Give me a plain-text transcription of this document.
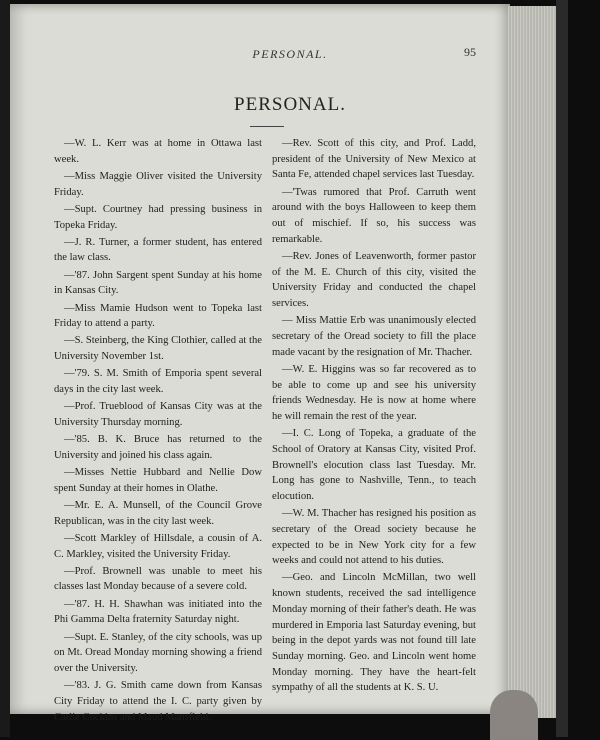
PERSONAL.	95
PERSONAL.
—W. L. Kerr was at home in Ottawa last week.
—Miss Maggie Oliver visited the University Friday.
—Supt. Courtney had pressing business in Topeka Friday.
—J. R. Turner, a former student, has entered the law class.
—'87. John Sargent spent Sunday at his home in Kansas City.
—Miss Mamie Hudson went to Topeka last Friday to attend a party.
—S. Steinberg, the King Clothier, called at the University November 1st.
—'79. S. M. Smith of Emporia spent several days in the city last week.
—Prof. Trueblood of Kansas City was at the University Thursday morning.
—'85. B. K. Bruce has returned to the University and joined his class again.
—Misses Nettie Hubbard and Nellie Dow spent Sunday at their homes in Olathe.
—Mr. E. A. Munsell, of the Council Grove Republican, was in the city last week.
—Scott Markley of Hillsdale, a cousin of A. C. Markley, visited the University Friday.
—Prof. Brownell was unable to meet his classes last Monday because of a severe cold.
—'87. H. H. Shawhan was initiated into the Phi Gamma Delta fraternity Saturday night.
—Supt. E. Stanley, of the city schools, was up on Mt. Oread Monday morning showing a friend over the University.
—'83. J. G. Smith came down from Kansas City Friday to attend the I. C. party given by Carlie Cockins and Maud Mansfield.
—Rev. Scott of this city, and Prof. Ladd, president of the University of New Mexico at Santa Fe, attended chapel services last Tuesday.
—'Twas rumored that Prof. Carruth went around with the boys Halloween to keep them out of mischief. If so, his success was remarkable.
—Rev. Jones of Leavenworth, former pastor of the M. E. Church of this city, visited the University Friday and conducted the chapel services.
— Miss Mattie Erb was unanimously elected secretary of the Oread society to fill the place made vacant by the resignation of Mr. Thacher.
—W. E. Higgins was so far recovered as to be able to come up and see his university friends Wednesday. He is now at home where he will remain the rest of the year.
—I. C. Long of Topeka, a graduate of the School of Oratory at Kansas City, visited Prof. Brownell's elocution class last Tuesday. Mr. Long has gone to Nashville, Tenn., to teach elocution.
—W. M. Thacher has resigned his position as secretary of the Oread society because he expected to be in New York city for a few weeks and could not attend to his duties.
—Geo. and Lincoln McMillan, two well known students, received the sad intelligence Monday morning of their father's death. He was murdered in Emporia last Saturday evening, but being in the depot yards was not found till late Sunday morning. Geo. and Lincoln went home Monday morning. They have the heart-felt sympathy of all the students at K. S. U.
